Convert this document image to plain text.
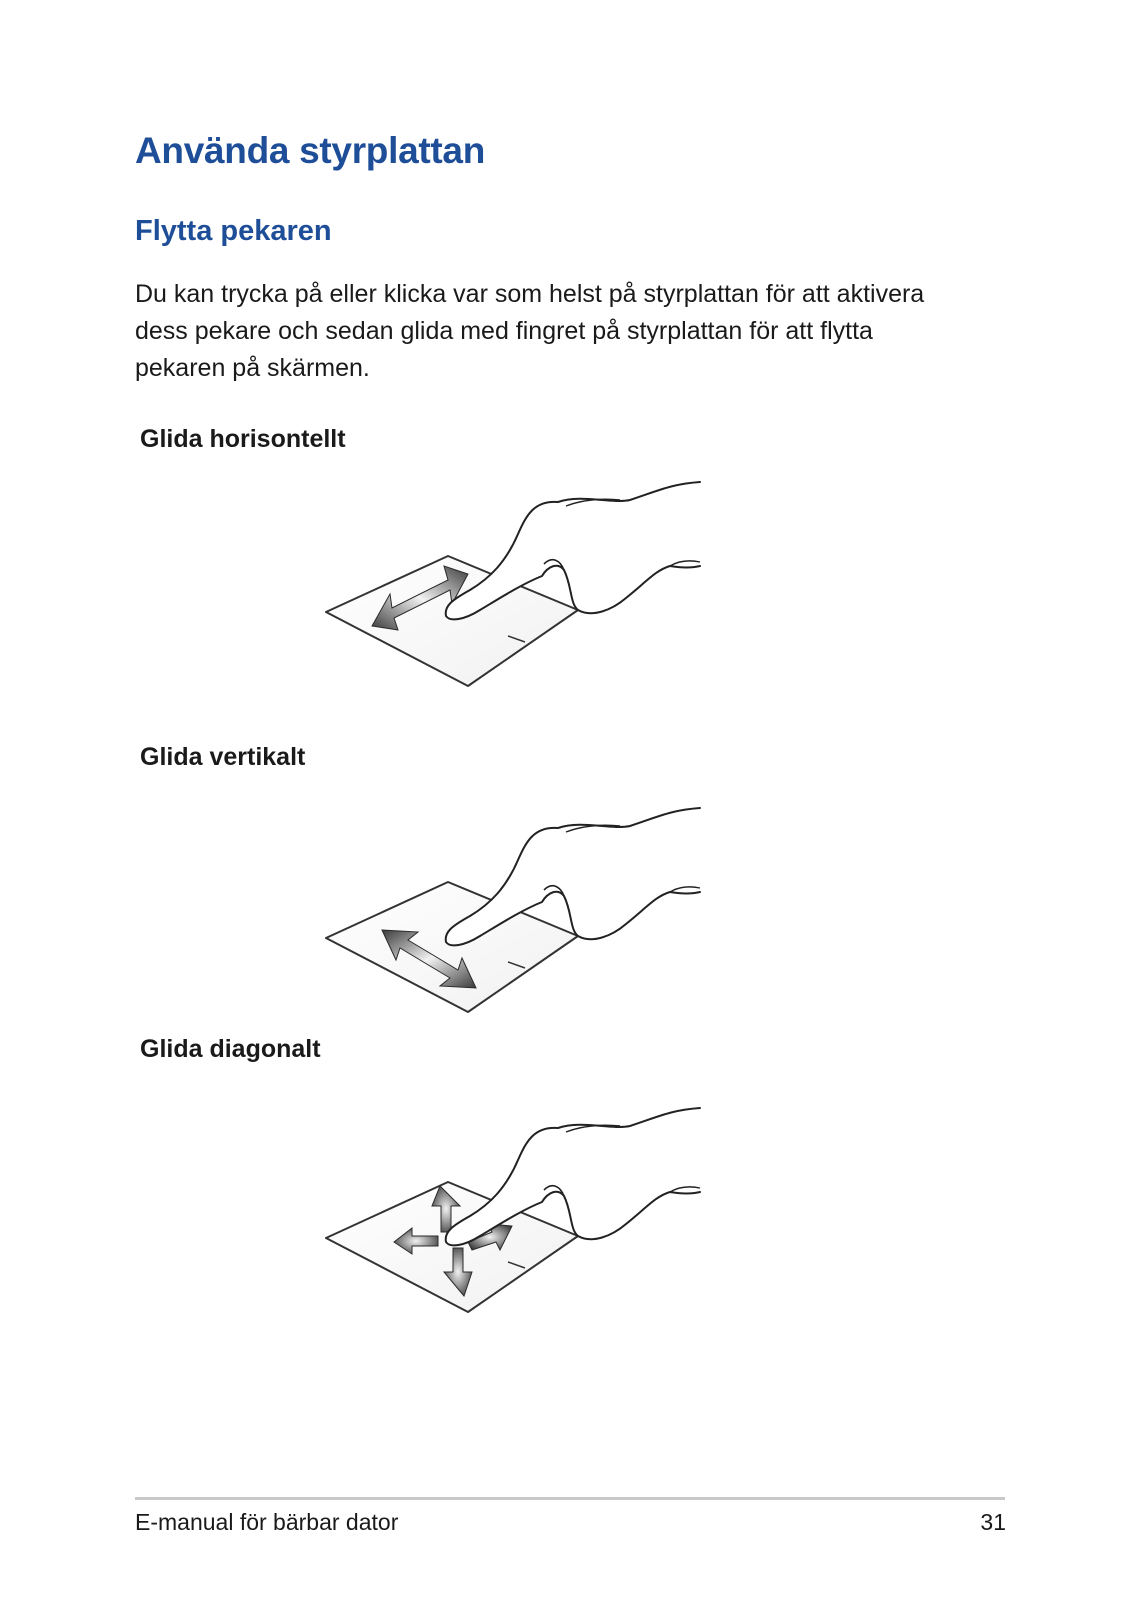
Använda styrplattan
Flytta pekaren
Du kan trycka på eller klicka var som helst på styrplattan för att aktivera
dess pekare och sedan glida med fingret på styrplattan för att flytta
pekaren på skärmen.
Glida horisontellt
Glida vertikalt
Glida diagonalt
E-manual för bärbar dator	31
